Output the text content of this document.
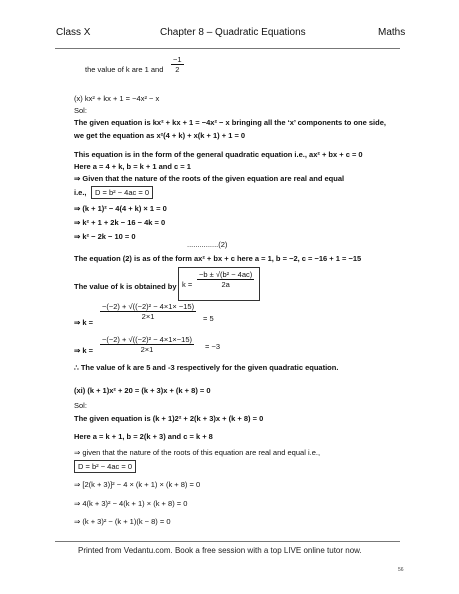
Class X	Chapter 8 – Quadratic Equations	Maths
the value of k are 1 and $\frac{-1}{2}$
(x) kx² + kx + 1 = −4x² − x
Sol:
The given equation is kx² + kx + 1 = −4x² − x bringing all the ‘x’ components to one side,
we get the equation as x²(4 + k) + x(k + 1) + 1 = 0
This equation is in the form of the general quadratic equation i.e., ax² + bx + c = 0
Here a = 4 + k, b = k + 1 and c = 1
⇒ Given that the nature of the roots of the given equation are real and equal
i.e.,	D = b² − 4ac = 0
⇒ (k + 1)² − 4(4 + k) × 1 = 0
⇒ k² + 1 + 2k − 16 − 4k = 0
⇒ k² − 2k − 10 = 0
...............(2)
The equation (2) is as of the form ax² + bx + c here a = 1, b = −2, c = −16 + 1 = −15
The value of k is obtained by $k = \frac{\text{−b ± √(b² − 4ac)}}{2a}$
⇒ k =
$\frac{\text{−(−2) + √((−2)² − 4×1× −15)}}{2\times 1} = 5$
⇒ $k = \frac{\text{−(−2) + √((−2)² − 4×1×−15)}}{2\times 1} = -3$
∴ The value of k are 5 and -3 respectively for the given quadratic equation.
(xi) (k + 1)x² + 20 = (k + 3)x + (k + 8) = 0
Sol:
The given equation is (k + 1)2² + 2(k + 3)x + (k + 8) = 0
Here a = k + 1, b = 2(k + 3) and c = k + 8
⇒ given that the nature of the roots of this equation are real and equal i.e.,
D = b² − 4ac = 0
⇒ [2(k + 3)]² − 4 × (k + 1) × (k + 8) = 0
⇒ 4(k + 3)² − 4(k + 1) × (k + 8) = 0
⇒ (k + 3)² − (k + 1)(k − 8) = 0
Printed from Vedantu.com. Book a free session with a top LIVE online tutor now.
56
